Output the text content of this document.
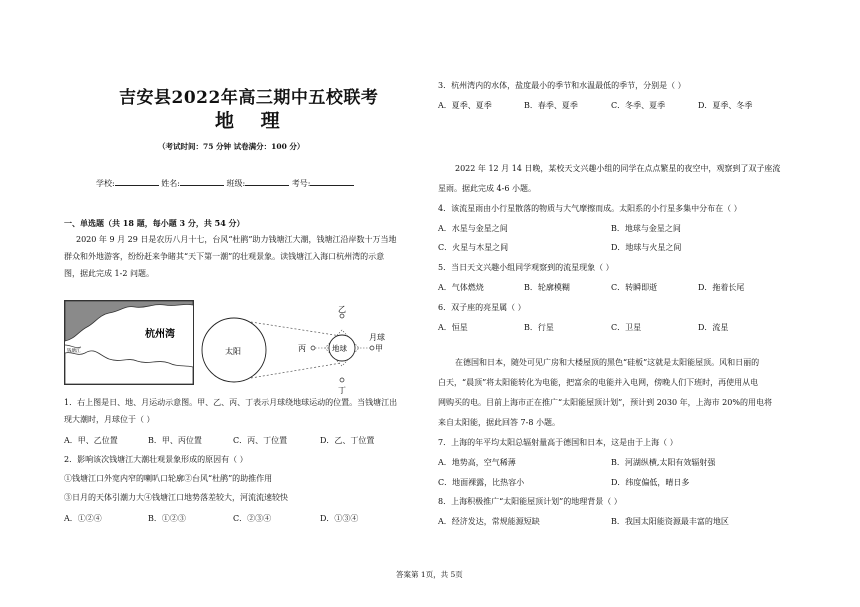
吉安县2022年高三期中五校联考
地 理
（考试时间：75 分钟 试卷满分：100 分）
学校:	姓名:	班级:	考号:
一、单选题（共 18 题，每小题 3 分，共 54 分）
2020 年 9 月 29 日是农历八月十七，台风“杜鹃”助力钱塘江大潮，钱塘江沿岸数十万当地
群众和外地游客，纷纷赶来争睹其“天下第一潮”的壮观景象。读钱塘江入海口杭州湾的示意
图，据此完成 1-2 问题。
杭州湾
钱塘江	太阳	地球
乙
丁
丙	甲
月球
1．右上图是日、地、月运动示意图。甲、乙、丙、丁表示月球绕地球运动的位置。当钱塘江出
现大潮时，月球位于（ ）
A．甲、乙位置	B．甲、丙位置	C．丙、丁位置	D．乙、丁位置
2．影响该次钱塘江大潮壮观景象形成的原因有（ ）
①钱塘江口外宽内窄的喇叭口轮廓②台风“杜鹃”的助推作用
③日月的天体引潮力大④钱塘江口地势落差较大，河流流速较快
A．①②④	B．①②③	C．②③④	D．①③④
3．杭州湾内的水体，盐度最小的季节和水温最低的季节，分别是（ ）
A．夏季、夏季	B．春季、夏季	C．冬季、夏季	D．夏季、冬季
2022 年 12 月 14 日晚，某校天文兴趣小组的同学在点点繁星的夜空中，观察到了双子座流
星雨。据此完成 4-6 小题。
4．该流星雨由小行星散落的物质与大气摩擦而成。太阳系的小行星多集中分布在（ ）
A．水星与金星之间	B．地球与金星之间
C．火星与木星之间	D．地球与火星之间
5．当日天文兴趣小组同学观察到的流星现象（ ）
A．气体燃烧	B．轮廓模糊	C．转瞬即逝	D．拖着长尾
6．双子座的亮星属（ ）
A．恒星	B．行星	C．卫星	D．流星
在德国和日本，随处可见广房和大楼屋顶的黑色“硅板”这就是太阳能屋顶。风和日丽的
白天，“晨顶”将太阳能转化为电能，把富余的电能并入电网，傍晚人们下班时，再使用从电
网购买的电。目前上海市正在推广“太阳能屋顶计划”，预计到 2030 年，上海市 20%的用电将
来自太阳能，据此回答 7-8 小题。
7．上海的年平均太阳总辐射量高于德国和日本，这是由于上海（ ）
A．地势高，空气稀薄	B．河湖纵横,太阳有效辐射强
C．地面裸露，比热容小	D．纬度偏低，晴日多
8．上海积极推广“太阳能屋顶计划”的地理背景（ ）
A．经济发达，常规能源短缺	B．我国太阳能资源最丰富的地区
答案第 1页，共 5页
